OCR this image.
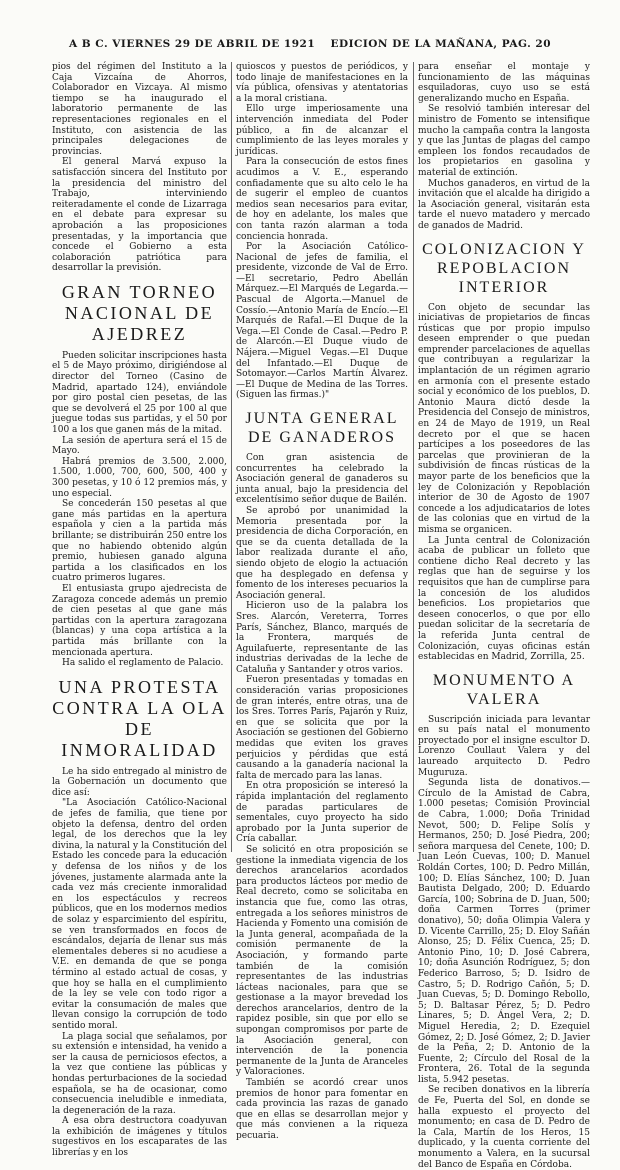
A B C. VIERNES 29 DE ABRIL DE 1921 EDICION DE LA MAÑANA, PAG. 20

pios del régimen del Instituto a la Caja Vizcaína de Ahorros, Colaborador en Vizcaya. Al mismo tiempo se ha inaugurado el laboratorio permanente de las representaciones regionales en el Instituto, con asistencia de las principales delegaciones de provincias.

El general Marvá expuso la satisfacción sincera del Instituto por la presidencia del ministro del Trabajo, interviniendo reiteradamente el conde de Lizarraga en el debate para expresar su aprobación a las proposiciones presentadas, y la importancia que concede el Gobierno a esta colaboración patriótica para desarrollar la previsión.

GRAN TORNEO NACIONAL DE AJEDREZ

Pueden solicitar inscripciones hasta el 5 de Mayo próximo, dirigiéndose al director del Torneo (Casino de Madrid, apartado 124), enviándole por giro postal cien pesetas, de las que se devolverá el 25 por 100 al que juegue todas sus partidas, y el 50 por 100 a los que ganen más de la mitad.

La sesión de apertura será el 15 de Mayo.

Habrá premios de 3.500, 2.000, 1.500, 1.000, 700, 600, 500, 400 y 300 pesetas, y 10 ó 12 premios más, y uno especial.

Se concederán 150 pesetas al que gane más partidas en la apertura española y cien a la partida más brillante; se distribuirán 250 entre los que no habiendo obtenido algún premio, hubiesen ganado alguna partida a los clasificados en los cuatro primeros lugares.

El entusiasta grupo ajedrecista de Zaragoza concede además un premio de cien pesetas al que gane más partidas con la apertura zaragozana (blancas) y una copa artística a la partida más brillante con la mencionada apertura.

Ha salido el reglamento de Palacio.

UNA PROTESTA CONTRA LA OLA DE INMORALIDAD

Le ha sido entregado al ministro de la Gobernación un documento que dice así:

"La Asociación Católico-Nacional de jefes de familia, que tiene por objeto la defensa, dentro del orden legal, de los derechos que la ley divina, la natural y la Constitución del Estado les concede para la educación y defensa de los niños y de los jóvenes, justamente alarmada ante la cada vez más creciente inmoralidad en los espectáculos y recreos públicos, que en los modernos medios de solaz y esparcimiento del espíritu, se ven transformados en focos de escándalos, dejaría de llenar sus más elementales deberes si no acudiese a V.E. en demanda de que se ponga término al estado actual de cosas, y que hoy se halla en el cumplimiento de la ley se vele con todo rigor a evitar la consumación de males que llevan consigo la corrupción de todo sentido moral.

La plaga social que señalamos, por su extensión e intensidad, ha venido a ser la causa de perniciosos efectos, a la vez que contiene las públicas y hondas perturbaciones de la sociedad española, se ha de ocasionar, como consecuencia ineludible e inmediata, la degeneración de la raza.

A esa obra destructora coadyuvan la exhibición de imágenes y títulos sugestivos en los escaparates de las librerías y en los

quioscos y puestos de periódicos, y todo linaje de manifestaciones en la vía pública, ofensivas y atentatorias a la moral cristiana.

Ello urge imperiosamente una intervención inmediata del Poder público, a fin de alcanzar el cumplimiento de las leyes morales y jurídicas.

Para la consecución de estos fines acudimos a V. E., esperando confiadamente que su alto celo le ha de sugerir el empleo de cuantos medios sean necesarios para evitar, de hoy en adelante, los males que con tanta razón alarman a toda conciencia honrada.

Por la Asociación Católico-Nacional de jefes de familia, el presidente, vizconde de Val de Erro.—El secretario, Pedro Abellán Márquez.—El Marqués de Legarda.—Pascual de Algorta.—Manuel de Cossío.—Antonio María de Encío.—El Marqués de Rafal.—El Duque de la Vega.—El Conde de Casal.—Pedro P. de Alarcón.—El Duque viudo de Nájera.—Miguel Vegas.—El Duque del Infantado.—El Duque de Sotomayor.—Carlos Martín Álvarez.—El Duque de Medina de las Torres. (Siguen las firmas.)"

JUNTA GENERAL DE GANADEROS

Con gran asistencia de concurrentes ha celebrado la Asociación general de ganaderos su junta anual, bajo la presidencia del excelentísimo señor duque de Bailén.

Se aprobó por unanimidad la Memoria presentada por la presidencia de dicha Corporación, en que se da cuenta detallada de la labor realizada durante el año, siendo objeto de elogio la actuación que ha desplegado en defensa y fomento de los intereses pecuarios la Asociación general.

Hicieron uso de la palabra los Sres. Alarcón, Vereterra, Torres París, Sánchez, Blanco, marqués de la Frontera, marqués de Aguilafuerte, representante de las industrias derivadas de la leche de Cataluña y Santander y otros varios.

Fueron presentadas y tomadas en consideración varias proposiciones de gran interés, entre otras, una de los Sres. Torres París, Pajarón y Ruiz, en que se solicita que por la Asociación se gestionen del Gobierno medidas que eviten los graves perjuicios y pérdidas que está causando a la ganadería nacional la falta de mercado para las lanas.

En otra proposición se interesó la rápida implantación del reglamento de paradas particulares de sementales, cuyo proyecto ha sido aprobado por la Junta superior de Cría caballar.

Se solicitó en otra proposición se gestione la inmediata vigencia de los derechos arancelarios acordados para productos lácteos por medio de Real decreto, como se solicitaba en instancia que fue, como las otras, entregada a los señores ministros de Hacienda y Fomento una comisión de la Junta general, acompañada de la comisión permanente de la Asociación, y formando parte también de la comisión representantes de las industrias lácteas nacionales, para que se gestionase a la mayor brevedad los derechos arancelarios, dentro de la rapidez posible, sin que por ello se supongan compromisos por parte de la Asociación general, con intervención de la ponencia permanente de la Junta de Aranceles y Valoraciones.

También se acordó crear unos premios de honor para fomentar en cada provincia las razas de ganado que en ellas se desarrollan mejor y que más convienen a la riqueza pecuaria.

para enseñar el montaje y funcionamiento de las máquinas esquiladoras, cuyo uso se está generalizando mucho en España.

Se resolvió también interesar del ministro de Fomento se intensifique mucho la campaña contra la langosta y que las Juntas de plagas del campo empleen los fondos recaudados de los propietarios en gasolina y material de extinción.

Muchos ganaderos, en virtud de la invitación que el alcalde ha dirigido a la Asociación general, visitarán esta tarde el nuevo matadero y mercado de ganados de Madrid.

COLONIZACION Y REPOBLACION INTERIOR

Con objeto de secundar las iniciativas de propietarios de fincas rústicas que por propio impulso deseen emprender o que puedan emprender parcelaciones de aquellas que contribuyan a regularizar la implantación de un régimen agrario en armonía con el presente estado social y económico de los pueblos, D. Antonio Maura dictó desde la Presidencia del Consejo de ministros, en 24 de Mayo de 1919, un Real decreto por el que se hacen partícipes a los poseedores de las parcelas que provinieran de la subdivisión de fincas rústicas de la mayor parte de los beneficios que la ley de Colonización y Repoblación interior de 30 de Agosto de 1907 concede a los adjudicatarios de lotes de las colonias que en virtud de la misma se organicen.

La Junta central de Colonización acaba de publicar un folleto que contiene dicho Real decreto y las reglas que han de seguirse y los requisitos que han de cumplirse para la concesión de los aludidos beneficios. Los propietarios que deseen conocerlos, o que por ello puedan solicitar de la secretaría de la referida Junta central de Colonización, cuyas oficinas están establecidas en Madrid, Zorrilla, 25.

MONUMENTO A VALERA

Suscripción iniciada para levantar en su país natal el monumento proyectado por el insigne escultor D. Lorenzo Coullaut Valera y del laureado arquitecto D. Pedro Muguruza.

Segunda lista de donativos.—Círculo de la Amistad de Cabra, 1.000 pesetas; Comisión Provincial de Cabra, 1.000; Doña Trinidad Nevot, 500; D. Felipe Solís y Hermanos, 250; D. José Piedra, 200; señora marquesa del Cenete, 100; D. Juan León Cuevas, 100; D. Manuel Roldán Cortes, 100; D. Pedro Millán, 100; D. Elías Sánchez, 100; D. Juan Bautista Delgado, 200; D. Eduardo García, 100; Sobrina de D. Juan, 500; doña Carmen Torres (primer donativo), 50; doña Olimpia Valera y D. Vicente Carrillo, 25; D. Eloy Sañán Alonso, 25; D. Félix Cuenca, 25; D. Antonio Pino, 10; D. José Cabrera, 10; doña Asunción Rodríguez, 5; don Federico Barroso, 5; D. Isidro de Castro, 5; D. Rodrigo Cañón, 5; D. Juan Cuevas, 5; D. Domingo Rebollo, 5; D. Baltasar Pérez, 5; D. Pedro Linares, 5; D. Ángel Vera, 2; D. Miguel Heredia, 2; D. Ezequiel Gómez, 2; D. José Gómez, 2; D. Javier de la Peña, 2; D. Antonio de la Fuente, 2; Círculo del Rosal de la Frontera, 26. Total de la segunda lista, 5.942 pesetas.

Se reciben donativos en la librería de Fe, Puerta del Sol, en donde se halla expuesto el proyecto del monumento; en casa de D. Pedro de la Cala, Martín de los Heros, 15 duplicado, y la cuenta corriente del monumento a Valera, en la sucursal del Banco de España en Córdoba.
